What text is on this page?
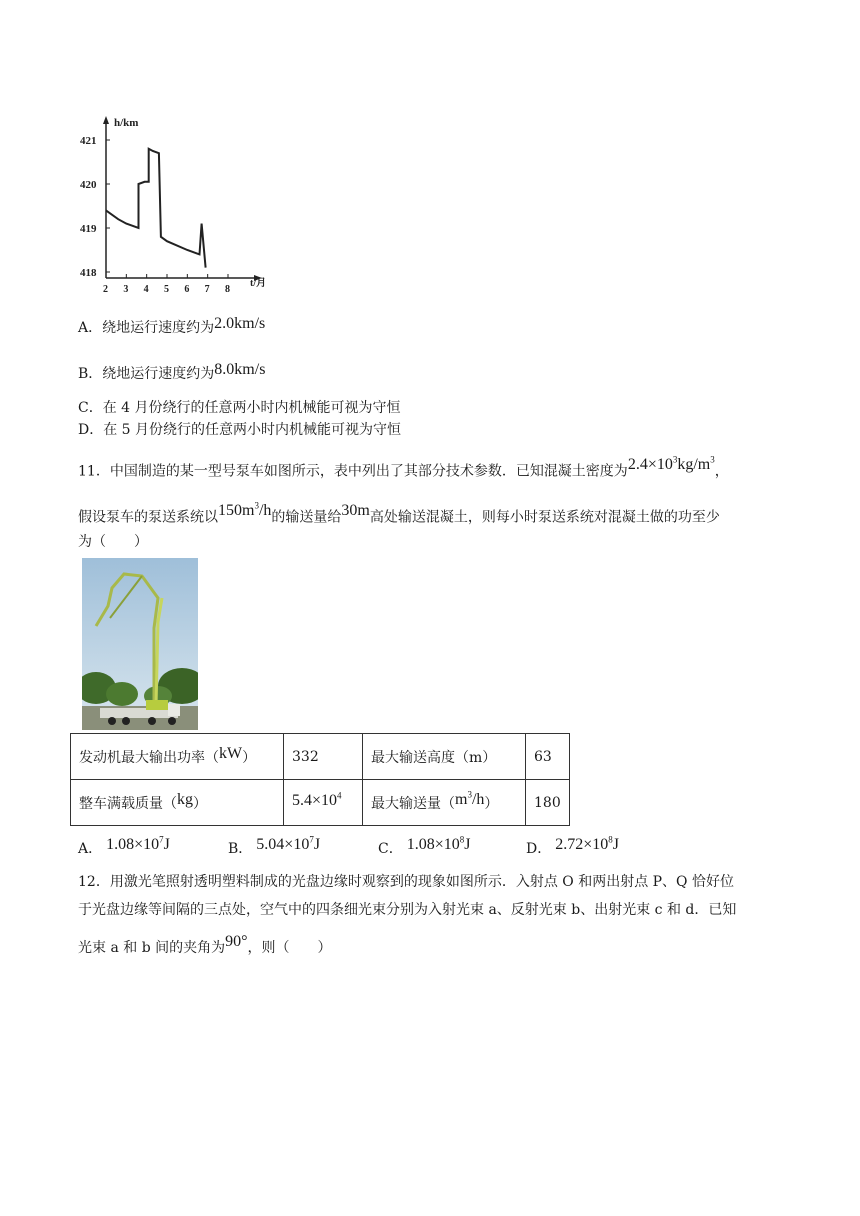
h/km
t/月
421
420
419
418
2 3 4 5 6 7 8
A．绕地运行速度约为2.0km/s
B．绕地运行速度约为8.0km/s
C．在 4 月份绕行的任意两小时内机械能可视为守恒
D．在 5 月份绕行的任意两小时内机械能可视为守恒
11．中国制造的某一型号泵车如图所示，表中列出了其部分技术参数．已知混凝土密度为$2.4\times 10^3kg/m^3$，
假设泵车的泵送系统以$150m^3/h$的输送量给30m高处输送混凝土，则每小时泵送系统对混凝土做的功至少
为（　　）
发动机最大输出功率（kW）	332	最大输送高度（m）	63
整车满载质量（kg）	$5.4\times 10^4$	最大输送量$(m^3/h)$	180
A． $1.08\times 10^7J$	B． $5.04\times 10^7J$	C． $1.08\times 10^8J$	D． $2.72\times 10^8J$
12．用激光笔照射透明塑料制成的光盘边缘时观察到的现象如图所示．入射点 O 和两出射点 P、Q 恰好位
于光盘边缘等间隔的三点处，空气中的四条细光束分别为入射光束 a、反射光束 b、出射光束 c 和 d．已知
光束 a 和 b 间的夹角为90°，则（　　）
